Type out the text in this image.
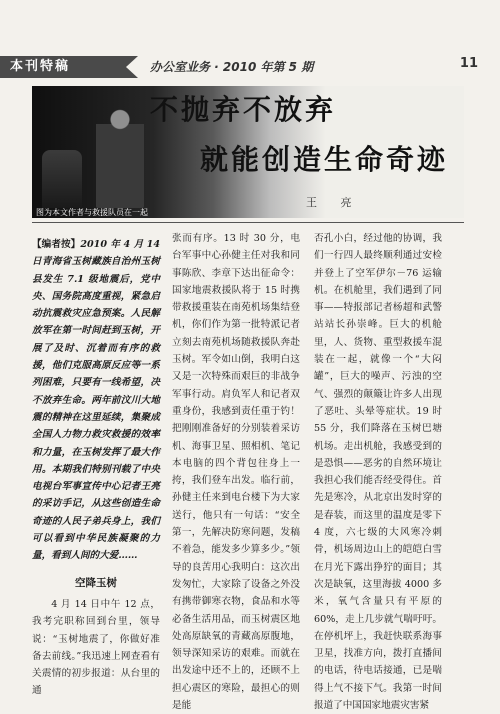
本刊特稿	办公室业务 · 2010 年第 5 期	11
图为本文作者与救援队员在一起
不抛弃不放弃
就能创造生命奇迹
王 亮

【编者按】2010 年 4 月 14 日青海省玉树藏族自治州玉树县发生 7.1 级地震后，党中央、国务院高度重视，紧急启动抗震救灾应急预案。人民解放军在第一时间赶到玉树，开展了及时、沉着而有序的救援，他们克服高原反应等一系列困难，只要有一线希望，决不放弃生命。两年前汶川大地震的精神在这里延续，集聚成全国人力物力救灾救援的效率和力量，在玉树发挥了最大作用。本期我们特别刊载了中央电视台军事宣传中心记者王亮的采访手记，从这些创造生命奇迹的人民子弟兵身上，我们可以看到中华民族凝聚的力量，看到人间的大爱……

空降玉树

4 月 14 日中午 12 点，我考完职称回到台里，领导说：“玉树地震了，你做好准备去前线。”我迅速上网查看有关震情的初步报道：从台里的通

张而有序。13 时 30 分，电台军事中心孙健主任对我和同事陈欣、李章下达出征命令：国家地震救援队将于 15 时携带救援重装在南苑机场集结登机，你们作为第一批特派记者立刻去南苑机场随救援队奔赴玉树。军令如山倒，我明白这又是一次特殊而艰巨的非战争军事行动。肩负军人和记者双重身份，我感到责任重于钓！把刚刚准备好的分别装着采访机、海事卫星、照相机、笔记本电脑的四个背包往身上一挎，我们登车出发。临行前，孙健主任来到电台楼下为大家送行，他只有一句话：“安全第一，先解决防寒问题，发稿不着急，能发多少算多少。”领导的良苦用心我明白：这次出发匆忙，大家除了设备之外没有携带御寒衣物，食品和水等必备生活用品，而玉树震区地处高原缺氧的青藏高原腹地，领导深知采访的艰难。而就在出发途中还不上的，还顾不上担心震区的寒险，最担心的则是能

否孔小白，经过他的协调，我们一行四人最终顺利通过安检并登上了空军伊尔－76 运输机。在机舱里，我们遇到了同事——特报部记者杨超和武警站站长孙崇峰。巨大的机舱里，人、货物、重型救援车混装在一起，就像一个“大闷罐”，巨大的噪声、污浊的空气、强烈的颠簸让许多人出现了恶吐、头晕等症状。19 时 55 分，我们降落在玉树巴塘机场。走出机舱，我感受到的是恐惧——恶劣的自然环境让我担心我们能否经受得住。首先是寒冷，从北京出发时穿的是春装，而这里的温度是零下 4 度，六七级的大风寒冷刺骨，机场周边山上的皑皑白雪在月光下露出狰狞的面目；其次是缺氧，这里海拔 4000 多米，氧气含量只有平原的 60%，走上几步就气喘吁吁。在停机坪上，我赶快联系海事卫星，找准方向，拨打直播间的电话，待电话接通，已是喘得上气不接下气。我第一时间报道了中国国家地震灾害紧
